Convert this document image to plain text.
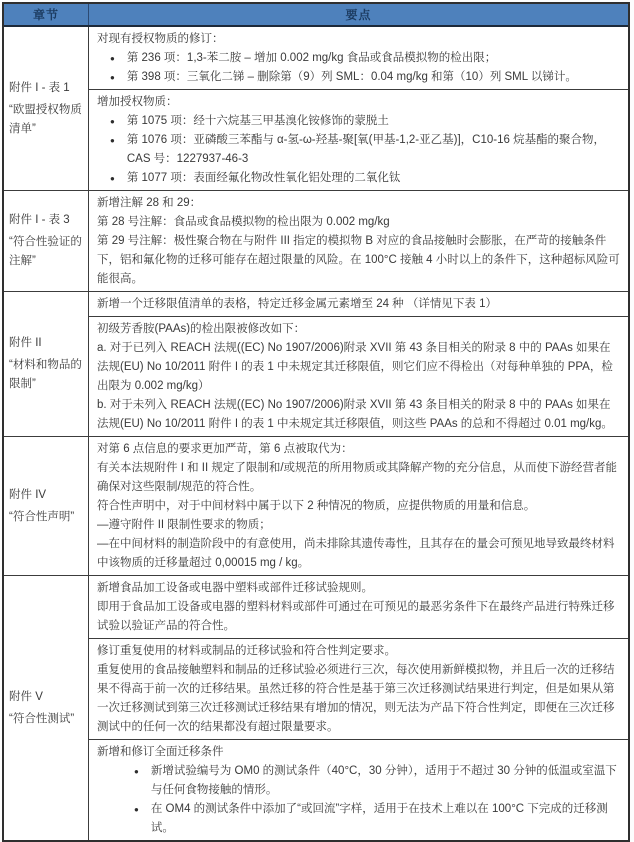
章节	要点
附件 I - 表 1
“欧盟授权物质清单”
对现有授权物质的修订：
● 第 236 项：1,3-苯二胺 – 增加 0.002 mg/kg 食品或食品模拟物的检出限；
● 第 398 项：三氧化二锑 – 删除第（9）列 SML：0.04 mg/kg 和第（10）列 SML 以锑计。
增加授权物质：
● 第 1075 项：经十六烷基三甲基溴化铵修饰的蒙脱土
● 第 1076 项：亚磷酸三苯酯与 α-氢-ω-羟基-聚[氧(甲基-1,2-亚乙基)]，C10-16 烷基酯的聚合物，CAS 号：1227937-46-3
● 第 1077 项：表面经氟化物改性氧化铝处理的二氧化钛
附件 I - 表 3
“符合性验证的注解”
新增注解 28 和 29：
第 28 号注解：食品或食品模拟物的检出限为 0.002 mg/kg
第 29 号注解：极性聚合物在与附件 III 指定的模拟物 B 对应的食品接触时会膨胀，在严苛的接触条件下，铝和氟化物的迁移可能存在超过限量的风险。在 100°C 接触 4 小时以上的条件下，这种超标风险可能很高。
附件 II
“材料和物品的限制”
新增一个迁移限值清单的表格，特定迁移金属元素增至 24 种 （详情见下表 1）
初级芳香胺(PAAs)的检出限被修改如下：
a. 对于已列入 REACH 法规((EC) No 1907/2006)附录 XVII 第 43 条目相关的附录 8 中的 PAAs 如果在法规(EU) No 10/2011 附件 I 的表 1 中未规定其迁移限值，则它们应不得检出（对每种单独的 PPA，检出限为 0.002 mg/kg）
b. 对于未列入 REACH 法规((EC) No 1907/2006)附录 XVII 第 43 条目相关的附录 8 中的 PAAs 如果在法规(EU) No 10/2011 附件 I 的表 1 中未规定其迁移限值，则这些 PAAs 的总和不得超过 0.01 mg/kg。
附件 IV
“符合性声明”
对第 6 点信息的要求更加严苛，第 6 点被取代为：
有关本法规附件 I 和 II 规定了限制和/或规范的所用物质或其降解产物的充分信息，从而使下游经营者能确保对这些限制/规范的符合性。
符合性声明中，对于中间材料中属于以下 2 种情况的物质，应提供物质的用量和信息。
—遵守附件 II 限制性要求的物质；
—在中间材料的制造阶段中的有意使用，尚未排除其遗传毒性，且其存在的量会可预见地导致最终材料中该物质的迁移量超过 0,00015 mg / kg。
附件 V
“符合性测试”
新增食品加工设备或电器中塑料或部件迁移试验规则。
即用于食品加工设备或电器的塑料材料或部件可通过在可预见的最恶劣条件下在最终产品进行特殊迁移试验以验证产品的符合性。
修订重复使用的材料或制品的迁移试验和符合性判定要求。
重复使用的食品接触塑料和制品的迁移试验必须进行三次，每次使用新鲜模拟物，并且后一次的迁移结果不得高于前一次的迁移结果。虽然迁移的符合性是基于第三次迁移测试结果进行判定，但是如果从第一次迁移测试到第三次迁移测试迁移结果有增加的情况，则无法为产品下符合性判定，即便在三次迁移测试中的任何一次的结果都没有超过限量要求。
新增和修订全面迁移条件
● 新增试验编号为 OM0 的测试条件（40°C，30 分钟），适用于不超过 30 分钟的低温或室温下与任何食物接触的情形。
● 在 OM4 的测试条件中添加了“或回流”字样，适用于在技术上难以在 100°C 下完成的迁移测试。
